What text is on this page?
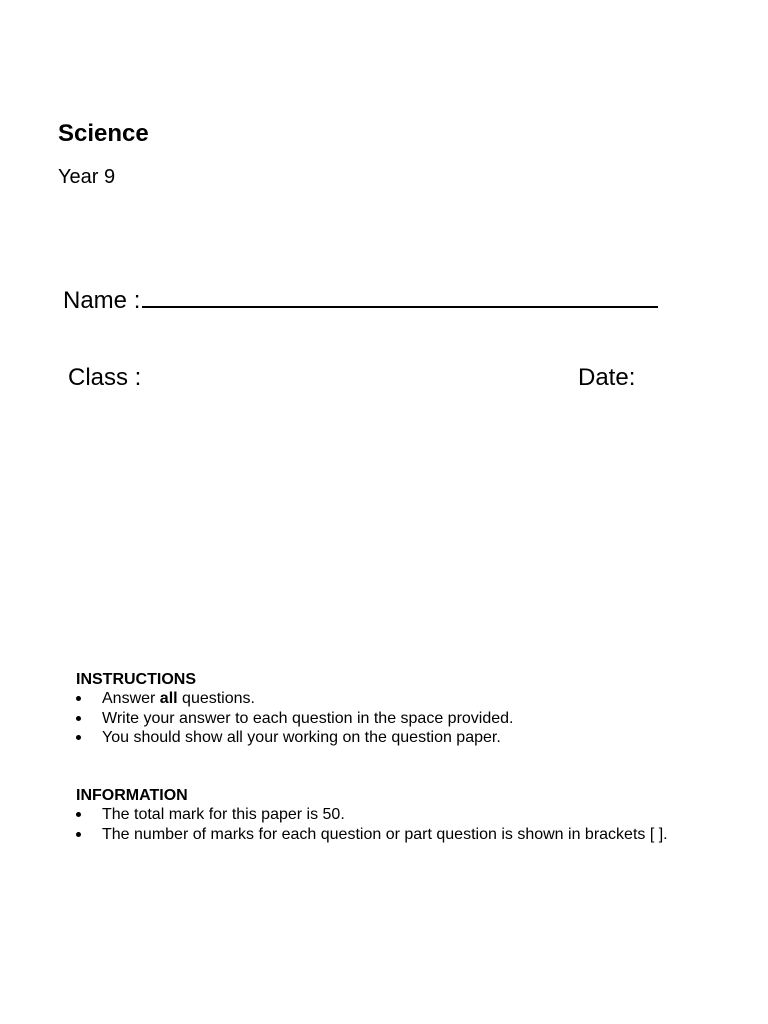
Science
Year 9
Name :
Class :	Date:
INSTRUCTIONS
Answer all questions.
Write your answer to each question in the space provided.
You should show all your working on the question paper.
INFORMATION
The total mark for this paper is 50.
The number of marks for each question or part question is shown in brackets [ ].
